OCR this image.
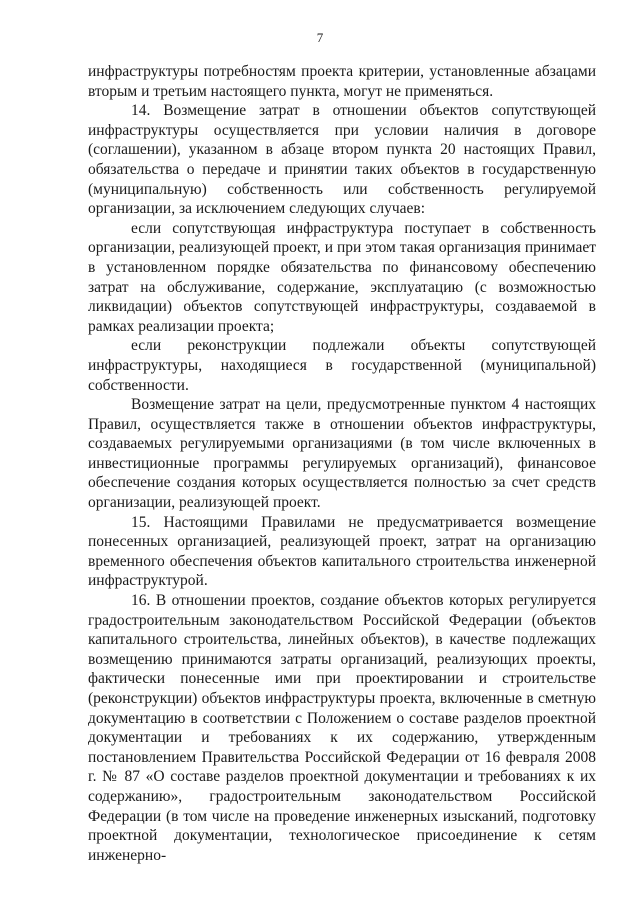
7

инфраструктуры потребностям проекта критерии, установленные абзацами вторым и третьим настоящего пункта, могут не применяться.

14. Возмещение затрат в отношении объектов сопутствующей инфраструктуры осуществляется при условии наличия в договоре (соглашении), указанном в абзаце втором пункта 20 настоящих Правил, обязательства о передаче и принятии таких объектов в государственную (муниципальную) собственность или собственность регулируемой организации, за исключением следующих случаев:

если сопутствующая инфраструктура поступает в собственность организации, реализующей проект, и при этом такая организация принимает в установленном порядке обязательства по финансовому обеспечению затрат на обслуживание, содержание, эксплуатацию (с возможностью ликвидации) объектов сопутствующей инфраструктуры, создаваемой в рамках реализации проекта;

если реконструкции подлежали объекты сопутствующей инфраструктуры, находящиеся в государственной (муниципальной) собственности.

Возмещение затрат на цели, предусмотренные пунктом 4 настоящих Правил, осуществляется также в отношении объектов инфраструктуры, создаваемых регулируемыми организациями (в том числе включенных в инвестиционные программы регулируемых организаций), финансовое обеспечение создания которых осуществляется полностью за счет средств организации, реализующей проект.

15. Настоящими Правилами не предусматривается возмещение понесенных организацией, реализующей проект, затрат на организацию временного обеспечения объектов капитального строительства инженерной инфраструктурой.

16. В отношении проектов, создание объектов которых регулируется градостроительным законодательством Российской Федерации (объектов капитального строительства, линейных объектов), в качестве подлежащих возмещению принимаются затраты организаций, реализующих проекты, фактически понесенные ими при проектировании и строительстве (реконструкции) объектов инфраструктуры проекта, включенные в сметную документацию в соответствии с Положением о составе разделов проектной документации и требованиях к их содержанию, утвержденным постановлением Правительства Российской Федерации от 16 февраля 2008 г. № 87 «О составе разделов проектной документации и требованиях к их содержанию», градостроительным законодательством Российской Федерации (в том числе на проведение инженерных изысканий, подготовку проектной документации, технологическое присоединение к сетям инженерно-
